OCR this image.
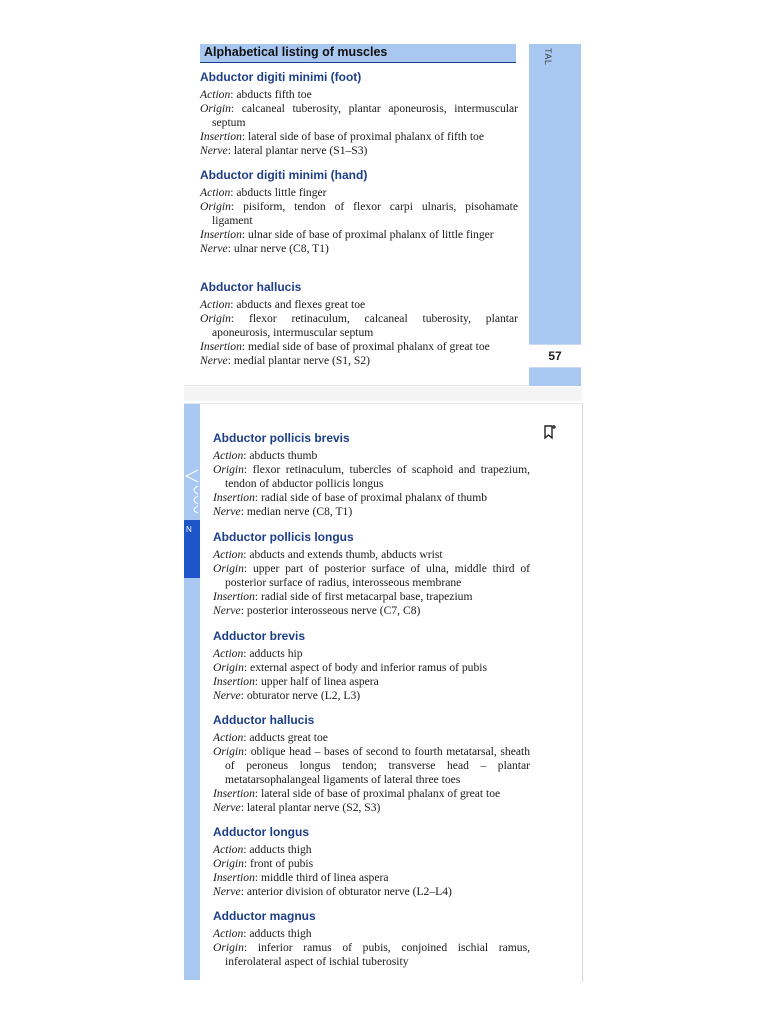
TAL
57
Alphabetical listing of muscles
Abductor digiti minimi (foot)
Action: abducts fifth toe
Origin: calcaneal tuberosity, plantar aponeurosis, intermuscular septum
Insertion: lateral side of base of proximal phalanx of fifth toe
Nerve: lateral plantar nerve (S1–S3)
Abductor digiti minimi (hand)
Action: abducts little finger
Origin: pisiform, tendon of flexor carpi ulnaris, pisohamate ligament
Insertion: ulnar side of base of proximal phalanx of little finger
Nerve: ulnar nerve (C8, T1)
Abductor hallucis
Action: abducts and flexes great toe
Origin: flexor retinaculum, calcaneal tuberosity, plantar aponeurosis, intermuscular septum
Insertion: medial side of base of proximal phalanx of great toe
Nerve: medial plantar nerve (S1, S2)
N
Abductor pollicis brevis
Action: abducts thumb
Origin: flexor retinaculum, tubercles of scaphoid and trapezium, tendon of abductor pollicis longus
Insertion: radial side of base of proximal phalanx of thumb
Nerve: median nerve (C8, T1)
Abductor pollicis longus
Action: abducts and extends thumb, abducts wrist
Origin: upper part of posterior surface of ulna, middle third of posterior surface of radius, interosseous membrane
Insertion: radial side of first metacarpal base, trapezium
Nerve: posterior interosseous nerve (C7, C8)
Adductor brevis
Action: adducts hip
Origin: external aspect of body and inferior ramus of pubis
Insertion: upper half of linea aspera
Nerve: obturator nerve (L2, L3)
Adductor hallucis
Action: adducts great toe
Origin: oblique head – bases of second to fourth metatarsal, sheath of peroneus longus tendon; transverse head – plantar metatarsophalangeal ligaments of lateral three toes
Insertion: lateral side of base of proximal phalanx of great toe
Nerve: lateral plantar nerve (S2, S3)
Adductor longus
Action: adducts thigh
Origin: front of pubis
Insertion: middle third of linea aspera
Nerve: anterior division of obturator nerve (L2–L4)
Adductor magnus
Action: adducts thigh
Origin: inferior ramus of pubis, conjoined ischial ramus, inferolateral aspect of ischial tuberosity
